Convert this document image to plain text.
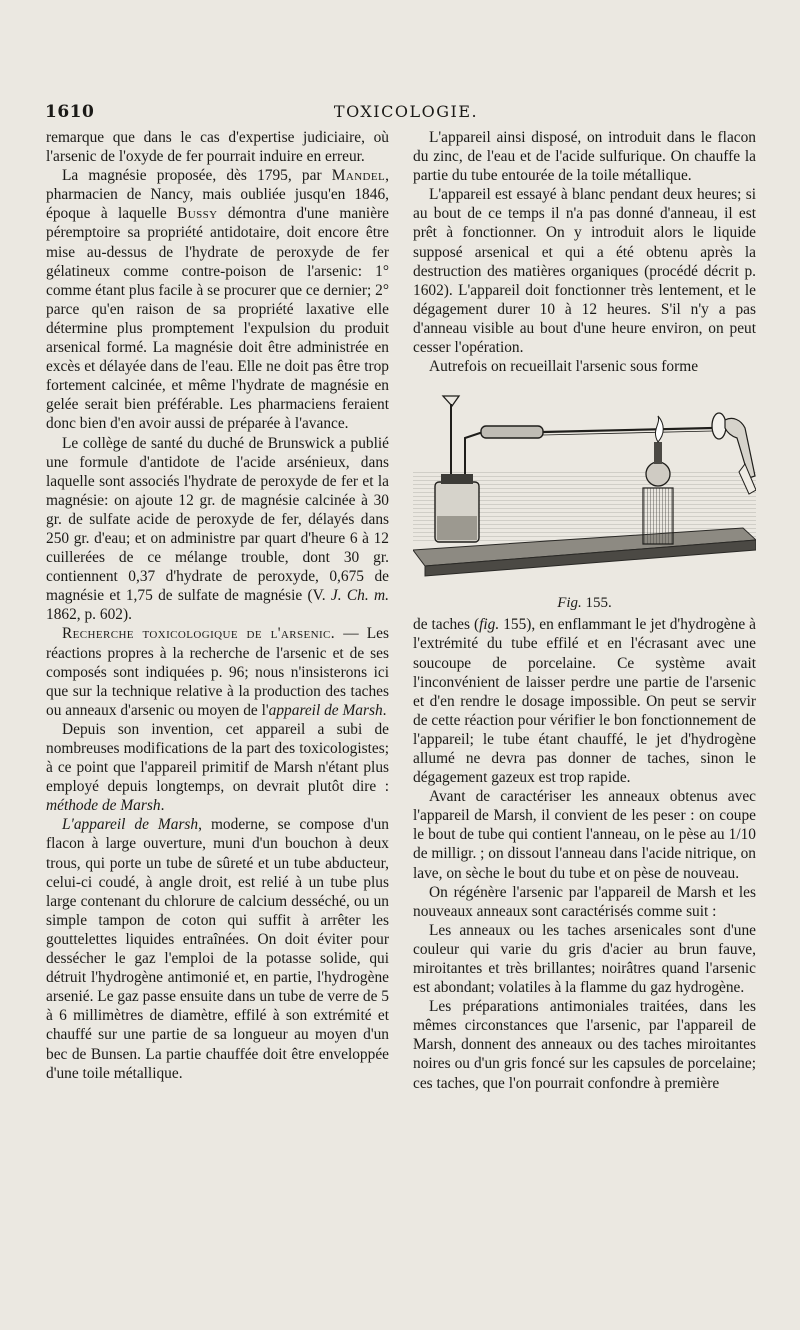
1610	TOXICOLOGIE.

remarque que dans le cas d'expertise judiciaire, où l'arsenic de l'oxyde de fer pourrait induire en erreur.

La magnésie proposée, dès 1795, par Mandel, pharmacien de Nancy, mais oubliée jusqu'en 1846, époque à laquelle Bussy démontra d'une manière péremptoire sa propriété antidotaire, doit encore être mise au-dessus de l'hydrate de peroxyde de fer gélatineux comme contre-poison de l'arsenic: 1° comme étant plus facile à se procurer que ce dernier; 2° parce qu'en raison de sa propriété laxative elle détermine plus promptement l'expulsion du produit arsenical formé. La magnésie doit être administrée en excès et délayée dans de l'eau. Elle ne doit pas être trop fortement calcinée, et même l'hydrate de magnésie en gelée serait bien préférable. Les pharmaciens feraient donc bien d'en avoir aussi de préparée à l'avance.

Le collège de santé du duché de Brunswick a publié une formule d'antidote de l'acide arsénieux, dans laquelle sont associés l'hydrate de peroxyde de fer et la magnésie: on ajoute 12 gr. de magnésie calcinée à 30 gr. de sulfate acide de peroxyde de fer, délayés dans 250 gr. d'eau; et on administre par quart d'heure 6 à 12 cuillerées de ce mélange trouble, dont 30 gr. contiennent 0,37 d'hydrate de peroxyde, 0,675 de magnésie et 1,75 de sulfate de magnésie (V. J. Ch. m. 1862, p. 602).

Recherche toxicologique de l'arsenic. — Les réactions propres à la recherche de l'arsenic et de ses composés sont indiquées p. 96; nous n'insisterons ici que sur la technique relative à la production des taches ou anneaux d'arsenic ou moyen de l'appareil de Marsh.

Depuis son invention, cet appareil a subi de nombreuses modifications de la part des toxicologistes; à ce point que l'appareil primitif de Marsh n'étant plus employé depuis longtemps, on devrait plutôt dire : méthode de Marsh.

L'appareil de Marsh, moderne, se compose d'un flacon à large ouverture, muni d'un bouchon à deux trous, qui porte un tube de sûreté et un tube abducteur, celui-ci coudé, à angle droit, est relié à un tube plus large contenant du chlorure de calcium desséché, ou un simple tampon de coton qui suffit à arrêter les gouttelettes liquides entraînées. On doit éviter pour dessécher le gaz l'emploi de la potasse solide, qui détruit l'hydrogène antimonié et, en partie, l'hydrogène arsenié. Le gaz passe ensuite dans un tube de verre de 5 à 6 millimètres de diamètre, effilé à son extrémité et chauffé sur une partie de sa longueur au moyen d'un bec de Bunsen. La partie chauffée doit être enveloppée d'une toile métallique.

L'appareil ainsi disposé, on introduit dans le flacon du zinc, de l'eau et de l'acide sulfurique. On chauffe la partie du tube entourée de la toile métallique.

L'appareil est essayé à blanc pendant deux heures; si au bout de ce temps il n'a pas donné d'anneau, il est prêt à fonctionner. On y introduit alors le liquide supposé arsenical et qui a été obtenu après la destruction des matières organiques (procédé décrit p. 1602). L'appareil doit fonctionner très lentement, et le dégagement durer 10 à 12 heures. S'il n'y a pas d'anneau visible au bout d'une heure environ, on peut cesser l'opération.

Autrefois on recueillait l'arsenic sous forme

Fig. 155.

de taches (fig. 155), en enflammant le jet d'hydrogène à l'extrémité du tube effilé et en l'écrasant avec une soucoupe de porcelaine. Ce système avait l'inconvénient de laisser perdre une partie de l'arsenic et d'en rendre le dosage impossible. On peut se servir de cette réaction pour vérifier le bon fonctionnement de l'appareil; le tube étant chauffé, le jet d'hydrogène allumé ne devra pas donner de taches, sinon le dégagement gazeux est trop rapide.

Avant de caractériser les anneaux obtenus avec l'appareil de Marsh, il convient de les peser : on coupe le bout de tube qui contient l'anneau, on le pèse au 1/10 de milligr. ; on dissout l'anneau dans l'acide nitrique, on lave, on sèche le bout du tube et on pèse de nouveau.

On régénère l'arsenic par l'appareil de Marsh et les nouveaux anneaux sont caractérisés comme suit :

Les anneaux ou les taches arsenicales sont d'une couleur qui varie du gris d'acier au brun fauve, miroitantes et très brillantes; noirâtres quand l'arsenic est abondant; volatiles à la flamme du gaz hydrogène.

Les préparations antimoniales traitées, dans les mêmes circonstances que l'arsenic, par l'appareil de Marsh, donnent des anneaux ou des taches miroitantes noires ou d'un gris foncé sur les capsules de porcelaine; ces taches, que l'on pourrait confondre à première
